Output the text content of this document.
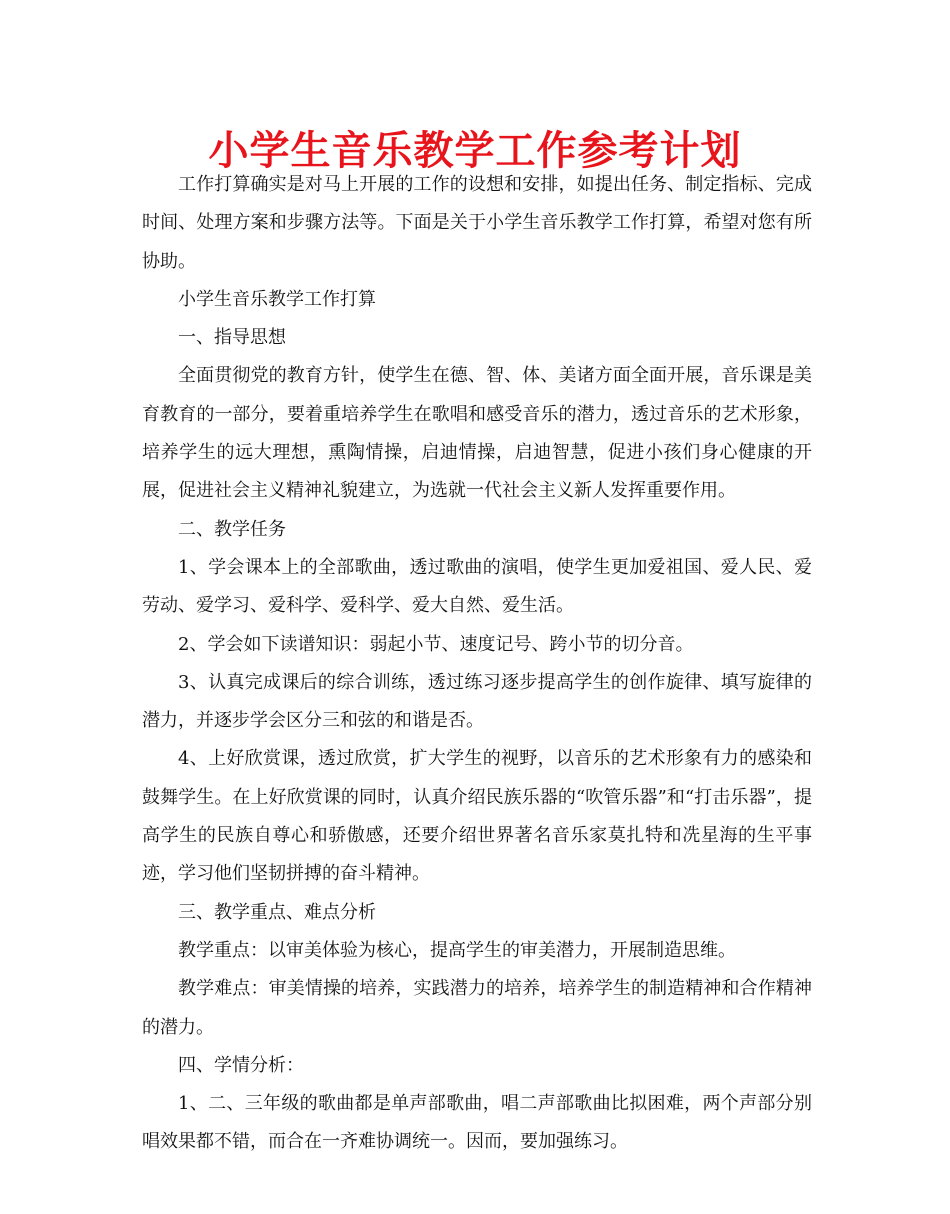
小学生音乐教学工作参考计划

工作打算确实是对马上开展的工作的设想和安排，如提出任务、制定指标、完成时间、处理方案和步骤方法等。下面是关于小学生音乐教学工作打算，希望对您有所协助。

小学生音乐教学工作打算

一、指导思想

全面贯彻党的教育方针，使学生在德、智、体、美诸方面全面开展，音乐课是美育教育的一部分，要着重培养学生在歌唱和感受音乐的潜力，透过音乐的艺术形象，培养学生的远大理想，熏陶情操，启迪情操，启迪智慧，促进小孩们身心健康的开展，促进社会主义精神礼貌建立，为选就一代社会主义新人发挥重要作用。

二、教学任务

1、学会课本上的全部歌曲，透过歌曲的演唱，使学生更加爱祖国、爱人民、爱劳动、爱学习、爱科学、爱科学、爱大自然、爱生活。

2、学会如下读谱知识：弱起小节、速度记号、跨小节的切分音。

3、认真完成课后的综合训练，透过练习逐步提高学生的创作旋律、填写旋律的潜力，并逐步学会区分三和弦的和谐是否。

4、上好欣赏课，透过欣赏，扩大学生的视野，以音乐的艺术形象有力的感染和鼓舞学生。在上好欣赏课的同时，认真介绍民族乐器的“吹管乐器”和“打击乐器”，提高学生的民族自尊心和骄傲感，还要介绍世界著名音乐家莫扎特和冼星海的生平事迹，学习他们坚韧拼搏的奋斗精神。

三、教学重点、难点分析

教学重点：以审美体验为核心，提高学生的审美潜力，开展制造思维。

教学难点：审美情操的培养，实践潜力的培养，培养学生的制造精神和合作精神的潜力。

四、学情分析：

1、二、三年级的歌曲都是单声部歌曲，唱二声部歌曲比拟困难，两个声部分别唱效果都不错，而合在一齐难协调统一。因而，要加强练习。
